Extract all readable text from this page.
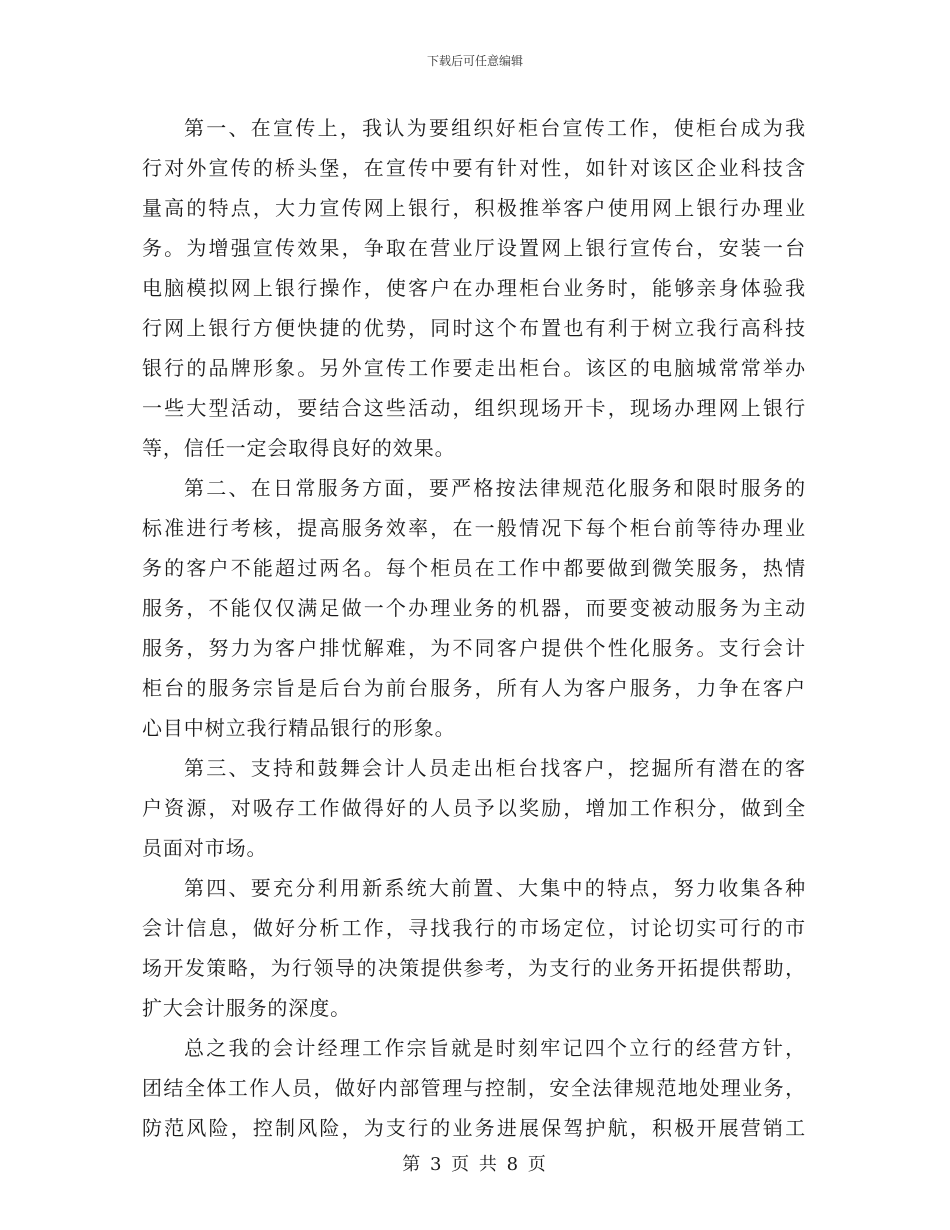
下载后可任意编辑

第一、在宣传上，我认为要组织好柜台宣传工作，使柜台成为我
行对外宣传的桥头堡，在宣传中要有针对性，如针对该区企业科技含
量高的特点，大力宣传网上银行，积极推举客户使用网上银行办理业
务。为增强宣传效果，争取在营业厅设置网上银行宣传台，安装一台
电脑模拟网上银行操作，使客户在办理柜台业务时，能够亲身体验我
行网上银行方便快捷的优势，同时这个布置也有利于树立我行高科技
银行的品牌形象。另外宣传工作要走出柜台。该区的电脑城常常举办
一些大型活动，要结合这些活动，组织现场开卡，现场办理网上银行
等，信任一定会取得良好的效果。

第二、在日常服务方面，要严格按法律规范化服务和限时服务的
标准进行考核，提高服务效率，在一般情况下每个柜台前等待办理业
务的客户不能超过两名。每个柜员在工作中都要做到微笑服务，热情
服务，不能仅仅满足做一个办理业务的机器，而要变被动服务为主动
服务，努力为客户排忧解难，为不同客户提供个性化服务。支行会计
柜台的服务宗旨是后台为前台服务，所有人为客户服务，力争在客户
心目中树立我行精品银行的形象。

第三、支持和鼓舞会计人员走出柜台找客户，挖掘所有潜在的客
户资源，对吸存工作做得好的人员予以奖励，增加工作积分，做到全
员面对市场。

第四、要充分利用新系统大前置、大集中的特点，努力收集各种
会计信息，做好分析工作，寻找我行的市场定位，讨论切实可行的市
场开发策略，为行领导的决策提供参考，为支行的业务开拓提供帮助，
扩大会计服务的深度。

总之我的会计经理工作宗旨就是时刻牢记四个立行的经营方针，
团结全体工作人员，做好内部管理与控制，安全法律规范地处理业务，
防范风险，控制风险，为支行的业务进展保驾护航，积极开展营销工

第 3 页 共 8 页
